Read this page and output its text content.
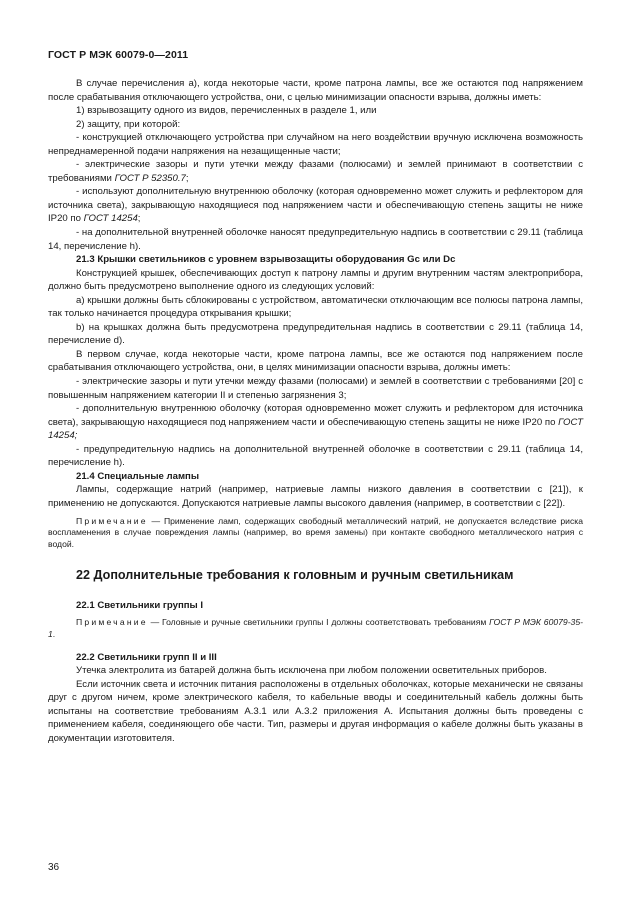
ГОСТ Р МЭК 60079-0—2011

В случае перечисления а), когда некоторые части, кроме патрона лампы, все же остаются под напряжением после срабатывания отключающего устройства, они, с целью минимизации опасности взрыва, должны иметь:

1) взрывозащиту одного из видов, перечисленных в разделе 1, или

2) защиту, при которой:

- конструкцией отключающего устройства при случайном на него воздействии вручную исключена возможность непреднамеренной подачи напряжения на незащищенные части;

- электрические зазоры и пути утечки между фазами (полюсами) и землей принимают в соответствии с требованиями ГОСТ Р 52350.7;

- используют дополнительную внутреннюю оболочку (которая одновременно может служить и рефлектором для источника света), закрывающую находящиеся под напряжением части и обеспечивающую степень защиты не ниже IP20 по ГОСТ 14254;

- на дополнительной внутренней оболочке наносят предупредительную надпись в соответствии с 29.11 (таблица 14, перечисление h).

21.3 Крышки светильников с уровнем взрывозащиты оборудования Gc или Dc

Конструкцией крышек, обеспечивающих доступ к патрону лампы и другим внутренним частям электроприбора, должно быть предусмотрено выполнение одного из следующих условий:

а) крышки должны быть сблокированы с устройством, автоматически отключающим все полюсы патрона лампы, так только начинается процедура открывания крышки;

b) на крышках должна быть предусмотрена предупредительная надпись в соответствии с 29.11 (таблица 14, перечисление d).

В первом случае, когда некоторые части, кроме патрона лампы, все же остаются под напряжением после срабатывания отключающего устройства, они, в целях минимизации опасности взрыва, должны иметь:

- электрические зазоры и пути утечки между фазами (полюсами) и землей в соответствии с требованиями [20] с повышенным напряжением категории II и степенью загрязнения 3;

- дополнительную внутреннюю оболочку (которая одновременно может служить и рефлектором для источника света), закрывающую находящиеся под напряжением части и обеспечивающую степень защиты не ниже IP20 по ГОСТ 14254;

- предупредительную надпись на дополнительной внутренней оболочке в соответствии с 29.11 (таблица 14, перечисление h).

21.4 Специальные лампы

Лампы, содержащие натрий (например, натриевые лампы низкого давления в соответствии с [21]), к применению не допускаются. Допускаются натриевые лампы высокого давления (например, в соответствии с [22]).

Примечание — Применение ламп, содержащих свободный металлический натрий, не допускается вследствие риска воспламенения в случае повреждения лампы (например, во время замены) при контакте свободного металлического натрия с водой.

22 Дополнительные требования к головным и ручным светильникам

22.1 Светильники группы I

Примечание — Головные и ручные светильники группы I должны соответствовать требованиям ГОСТ Р МЭК 60079-35-1.

22.2 Светильники групп II и III

Утечка электролита из батарей должна быть исключена при любом положении осветительных приборов.

Если источник света и источник питания расположены в отдельных оболочках, которые механически не связаны друг с другом ничем, кроме электрического кабеля, то кабельные вводы и соединительный кабель должны быть испытаны на соответствие требованиям А.3.1 или А.3.2 приложения А. Испытания должны быть проведены с применением кабеля, соединяющего обе части. Тип, размеры и другая информация о кабеле должны быть указаны в документации изготовителя.

36
